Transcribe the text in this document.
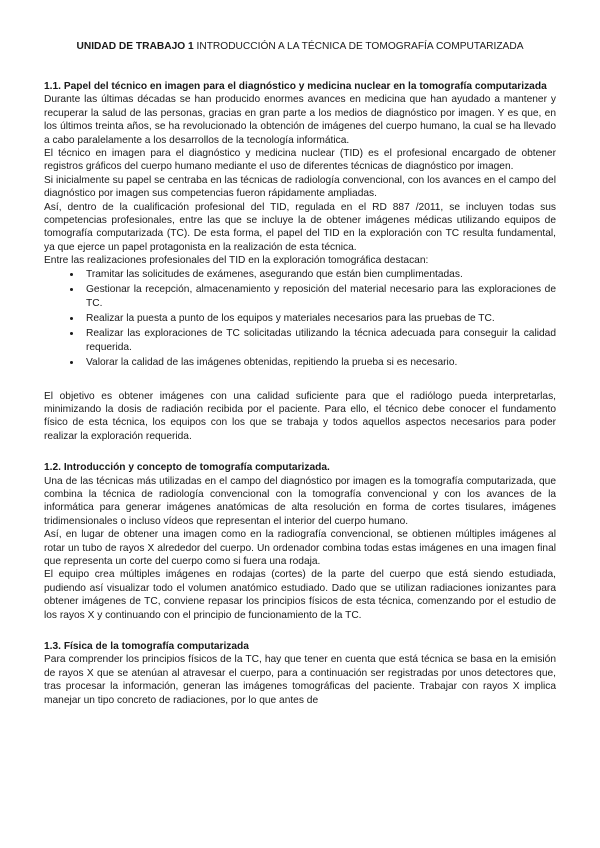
UNIDAD DE TRABAJO 1 INTRODUCCIÓN A LA TÉCNICA DE TOMOGRAFÍA COMPUTARIZADA
1.1. Papel del técnico en imagen para el diagnóstico y medicina nuclear en la tomografía computarizada

Durante las últimas décadas se han producido enormes avances en medicina que han ayudado a mantener y recuperar la salud de las personas, gracias en gran parte a los medios de diagnóstico por imagen. Y es que, en los últimos treinta años, se ha revolucionado la obtención de imágenes del cuerpo humano, la cual se ha llevado a cabo paralelamente a los desarrollos de la tecnología informática.

El técnico en imagen para el diagnóstico y medicina nuclear (TID) es el profesional encargado de obtener registros gráficos del cuerpo humano mediante el uso de diferentes técnicas de diagnóstico por imagen.

Si inicialmente su papel se centraba en las técnicas de radiología convencional, con los avances en el campo del diagnóstico por imagen sus competencias fueron rápidamente ampliadas.

Así, dentro de la cualificación profesional del TID, regulada en el RD 887 /2011, se incluyen todas sus competencias profesionales, entre las que se incluye la de obtener imágenes médicas utilizando equipos de tomografía computarizada (TC). De esta forma, el papel del TID en la exploración con TC resulta fundamental, ya que ejerce un papel protagonista en la realización de esta técnica.

Entre las realizaciones profesionales del TID en la exploración tomográfica destacan:

• Tramitar las solicitudes de exámenes, asegurando que están bien cumplimentadas.
• Gestionar la recepción, almacenamiento y reposición del material necesario para las exploraciones de TC.
• Realizar la puesta a punto de los equipos y materiales necesarios para las pruebas de TC.
• Realizar las exploraciones de TC solicitadas utilizando la técnica adecuada para conseguir la calidad requerida.
• Valorar la calidad de las imágenes obtenidas, repitiendo la prueba si es necesario.

El objetivo es obtener imágenes con una calidad suficiente para que el radiólogo pueda interpretarlas, minimizando la dosis de radiación recibida por el paciente. Para ello, el técnico debe conocer el fundamento físico de esta técnica, los equipos con los que se trabaja y todos aquellos aspectos necesarios para poder realizar la exploración requerida.

1.2. Introducción y concepto de tomografía computarizada.

Una de las técnicas más utilizadas en el campo del diagnóstico por imagen es la tomografía computarizada, que combina la técnica de radiología convencional con la tomografía convencional y con los avances de la informática para generar imágenes anatómicas de alta resolución en forma de cortes tisulares, imágenes tridimensionales o incluso vídeos que representan el interior del cuerpo humano.

Así, en lugar de obtener una imagen como en la radiografía convencional, se obtienen múltiples imágenes al rotar un tubo de rayos X alrededor del cuerpo. Un ordenador combina todas estas imágenes en una imagen final que representa un corte del cuerpo como si fuera una rodaja.

El equipo crea múltiples imágenes en rodajas (cortes) de la parte del cuerpo que está siendo estudiada, pudiendo así visualizar todo el volumen anatómico estudiado. Dado que se utilizan radiaciones ionizantes para obtener imágenes de TC, conviene repasar los principios físicos de esta técnica, comenzando por el estudio de los rayos X y continuando con el principio de funcionamiento de la TC.

1.3. Física de la tomografía computarizada

Para comprender los principios físicos de la TC, hay que tener en cuenta que está técnica se basa en la emisión de rayos X que se atenúan al atravesar el cuerpo, para a continuación ser registradas por unos detectores que, tras procesar la información, generan las imágenes tomográficas del paciente. Trabajar con rayos X implica manejar un tipo concreto de radiaciones, por lo que antes de
